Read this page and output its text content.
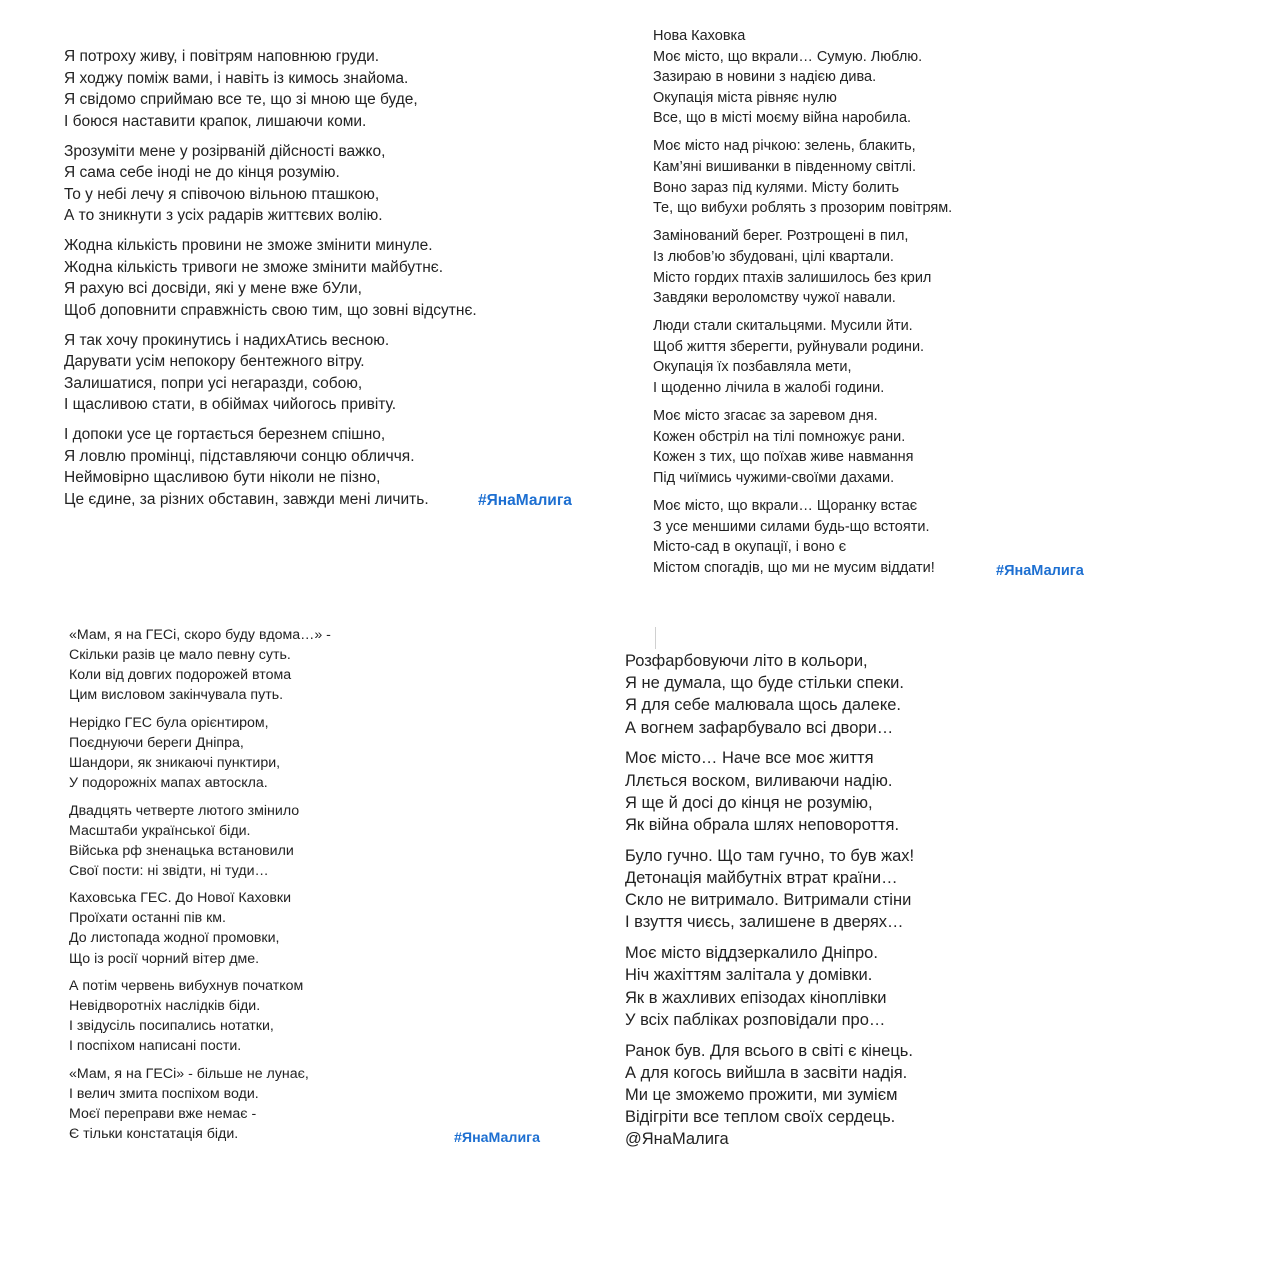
Я потроху живу, і повітрям наповнюю груди.
Я ходжу поміж вами, і навіть із кимось знайома.
Я свідомо сприймаю все те, що зі мною ще буде,
І боюся наставити крапок, лишаючи коми.

Зрозуміти мене у розірваній дійсності важко,
Я сама себе іноді не до кінця розумію.
То у небі лечу я співочою вільною пташкою,
А то зникнути з усіх радарів життєвих волію.

Жодна кількість провини не зможе змінити минуле.
Жодна кількість тривоги не зможе змінити майбутнє.
Я рахую всі досвіди, які у мене вже бУли,
Щоб доповнити справжність свою тим, що зовні відсутнє.

Я так хочу прокинутись і надихАтись весною.
Дарувати усім непокору бентежного вітру.
Залишатися, попри усі негаразди, собою,
І щасливою стати, в обіймах чийогось привіту.

І допоки усе це гортається березнем спішно,
Я ловлю промінці, підставляючи сонцю обличчя.
Неймовірно щасливою бути ніколи не пізно,
Це єдине, за різних обставин, завжди мені личить.	#ЯнаМалига

Нова Каховка
Моє місто, що вкрали… Сумую. Люблю.
Зазираю в новини з надією дива.
Окупація міста рівняє нулю
Все, що в місті моєму війна наробила.

Моє місто над річкою: зелень, блакить,
Кам’яні вишиванки в південному світлі.
Воно зараз під кулями. Місту болить
Те, що вибухи роблять з прозорим повітрям.

Замінований берег. Розтрощені в пил,
Із любов’ю збудовані, цілі квартали.
Місто гордих птахів залишилось без крил
Завдяки вероломству чужої навали.

Люди стали скитальцями. Мусили йти.
Щоб життя зберегти, руйнували родини.
Окупація їх позбавляла мети,
І щоденно лічила в жалобі години.

Моє місто згасає за заревом дня.
Кожен обстріл на тілі помножує рани.
Кожен з тих, що поїхав живе навмання
Під чиїмись чужими-своїми дахами.

Моє місто, що вкрали… Щоранку встає
З усе меншими силами будь-що встояти.
Місто-сад в окупації, і воно є
Містом спогадів, що ми не мусим віддати!	#ЯнаМалига

«Мам, я на ГЕСі, скоро буду вдома…» -
Скільки разів це мало певну суть.
Коли від довгих подорожей втома
Цим висловом закінчувала путь.

Нерідко ГЕС була орієнтиром,
Поєднуючи береги Дніпра,
Шандори, як зникаючі пунктири,
У подорожніх мапах автоскла.

Двадцять четверте лютого змінило
Масштаби української біди.
Війська рф зненацька встановили
Свої пости: ні звідти, ні туди…

Каховська ГЕС. До Нової Каховки
Проїхати останні пів км.
До листопада жодної промовки,
Що із росії чорний вітер дме.

А потім червень вибухнув початком
Невідворотніх наслідків біди.
І звідусіль посипались нотатки,
І поспіхом написані пости.

«Мам, я на ГЕСі» - більше не лунає,
І велич змита поспіхом води.
Моєї переправи вже немає -
Є тільки констатація біди.	#ЯнаМалига

Розфарбовуючи літо в кольори,
Я не думала, що буде стільки спеки.
Я для себе малювала щось далеке.
А вогнем зафарбувало всі двори…

Моє місто… Наче все моє життя
Ллється воском, виливаючи надію.
Я ще й досі до кінця не розумію,
Як війна обрала шлях неповороття.

Було гучно. Що там гучно, то був жах!
Детонація майбутніх втрат країни…
Скло не витримало. Витримали стіни
І взуття чиєсь, залишене в дверях…

Моє місто віддзеркалило Дніпро.
Ніч жахіттям залітала у домівки.
Як в жахливих епізодах кіноплівки
У всіх пабліках розповідали про…

Ранок був. Для всього в світі є кінець.
А для когось вийшла в засвіти надія.
Ми це зможемо прожити, ми зумієм
Відігріти все теплом своїх сердець.
@ЯнаМалига
